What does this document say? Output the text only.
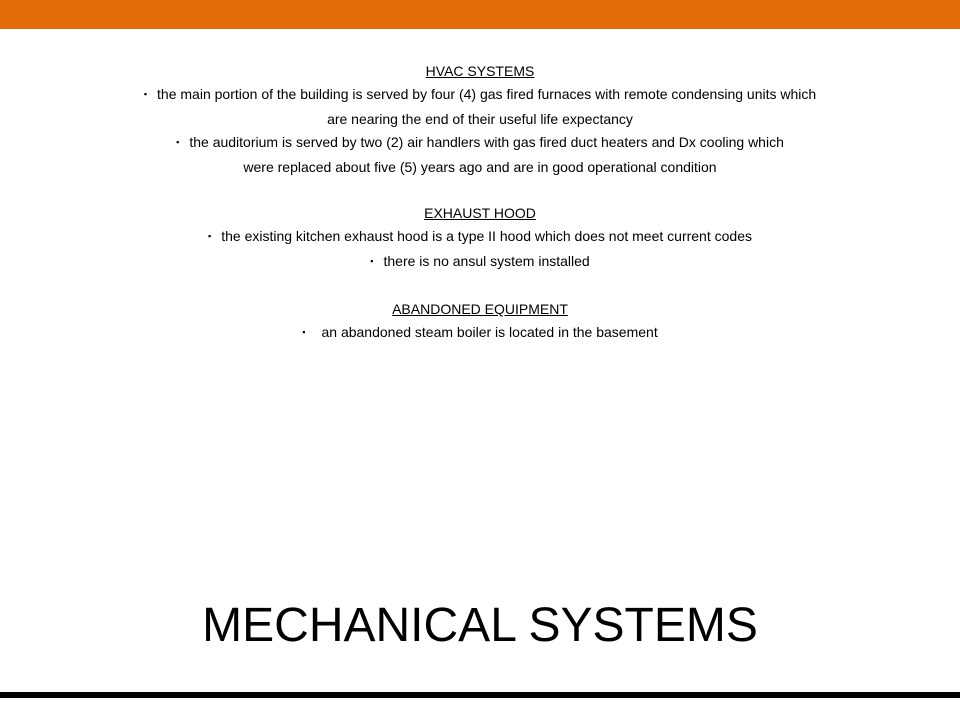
HVAC SYSTEMS

▪ the main portion of the building is served by four (4) gas fired furnaces with remote condensing units which

are nearing the end of their useful life expectancy

▪ the auditorium is served by two (2) air handlers with gas fired duct heaters and Dx cooling which

were replaced about five (5) years ago and are in good operational condition

EXHAUST HOOD

▪ the existing kitchen exhaust hood is a type II hood which does not meet current codes

▪ there is no ansul system installed

ABANDONED EQUIPMENT

▪ an abandoned steam boiler is located in the basement

MECHANICAL SYSTEMS
